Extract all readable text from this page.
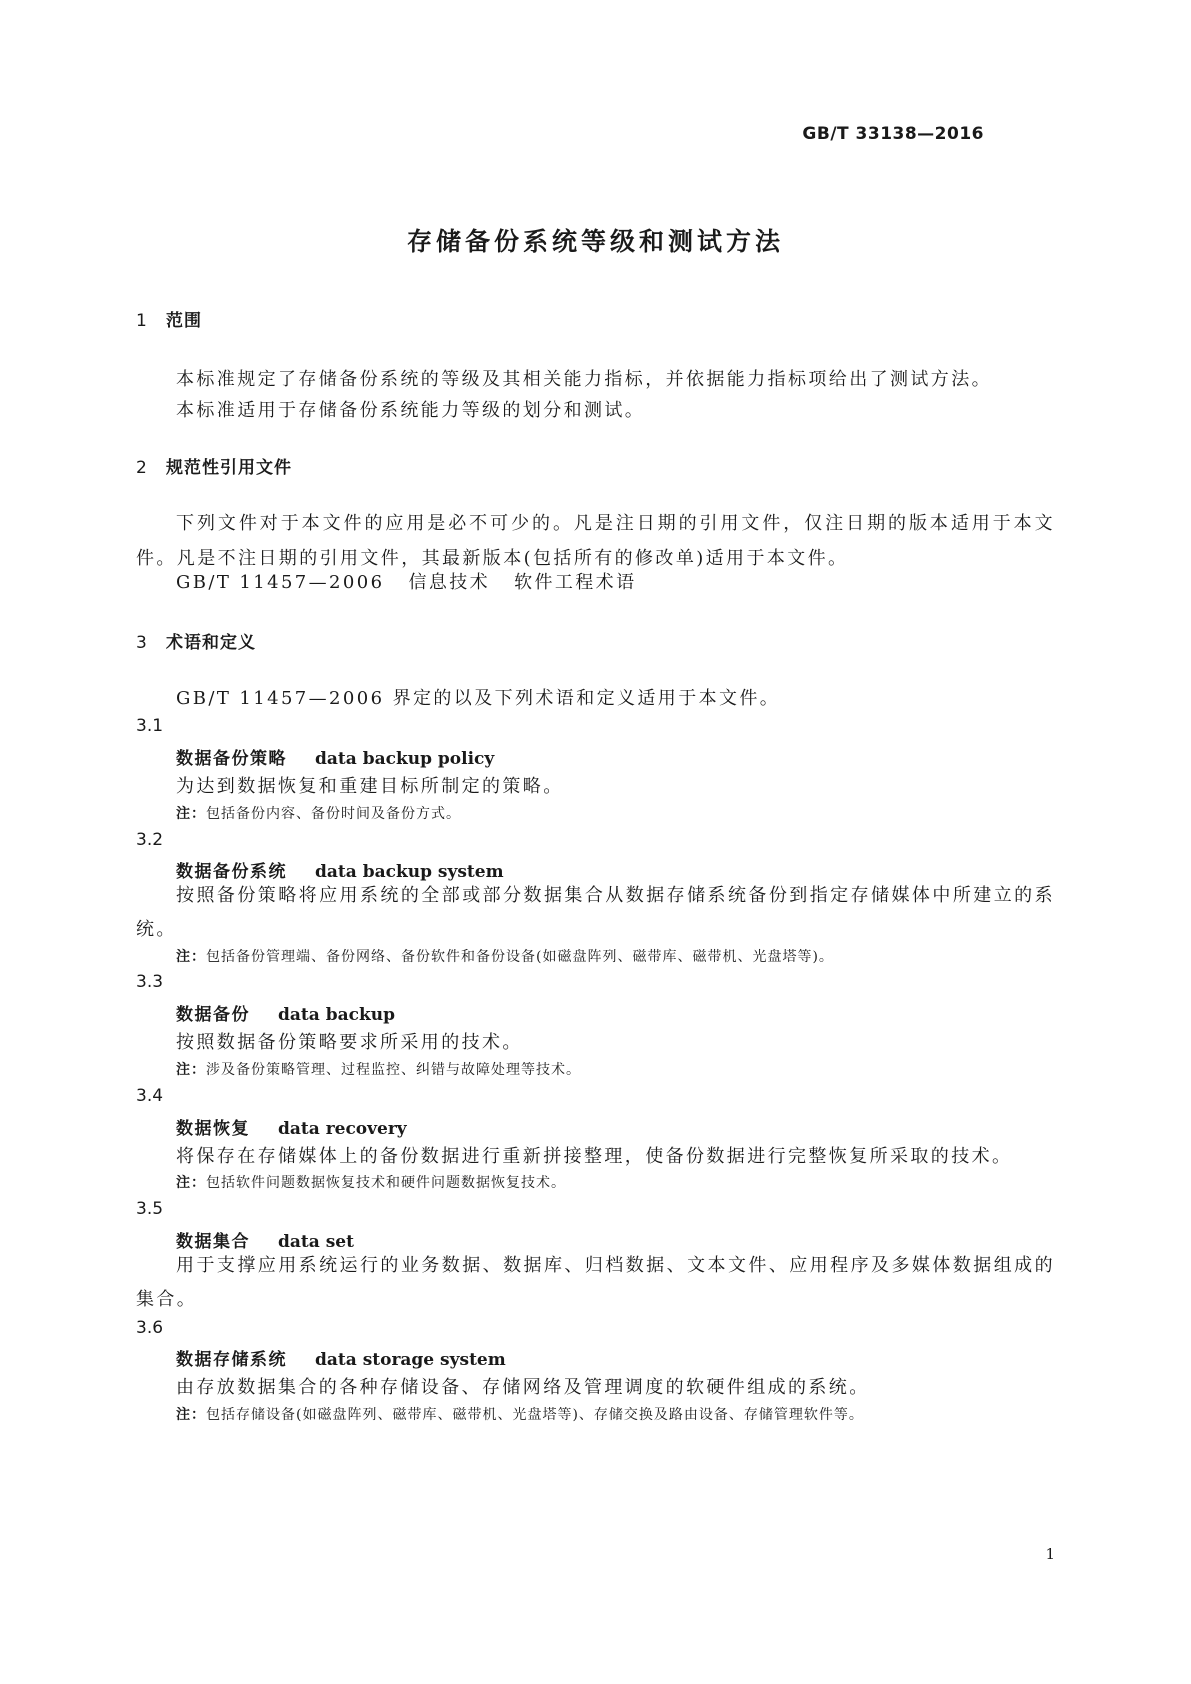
GB/T 33138—2016
存储备份系统等级和测试方法
1 范围
本标准规定了存储备份系统的等级及其相关能力指标，并依据能力指标项给出了测试方法。
本标准适用于存储备份系统能力等级的划分和测试。
2 规范性引用文件
下列文件对于本文件的应用是必不可少的。凡是注日期的引用文件，仅注日期的版本适用于本文件。凡是不注日期的引用文件，其最新版本(包括所有的修改单)适用于本文件。
GB/T 11457—2006 信息技术 软件工程术语
3 术语和定义
GB/T 11457—2006 界定的以及下列术语和定义适用于本文件。
3.1
数据备份策略 data backup policy
为达到数据恢复和重建目标所制定的策略。
注：包括备份内容、备份时间及备份方式。
3.2
数据备份系统 data backup system
按照备份策略将应用系统的全部或部分数据集合从数据存储系统备份到指定存储媒体中所建立的系统。
注：包括备份管理端、备份网络、备份软件和备份设备(如磁盘阵列、磁带库、磁带机、光盘塔等)。
3.3
数据备份 data backup
按照数据备份策略要求所采用的技术。
注：涉及备份策略管理、过程监控、纠错与故障处理等技术。
3.4
数据恢复 data recovery
将保存在存储媒体上的备份数据进行重新拼接整理，使备份数据进行完整恢复所采取的技术。
注：包括软件问题数据恢复技术和硬件问题数据恢复技术。
3.5
数据集合 data set
用于支撑应用系统运行的业务数据、数据库、归档数据、文本文件、应用程序及多媒体数据组成的集合。
3.6
数据存储系统 data storage system
由存放数据集合的各种存储设备、存储网络及管理调度的软硬件组成的系统。
注：包括存储设备(如磁盘阵列、磁带库、磁带机、光盘塔等)、存储交换及路由设备、存储管理软件等。
1
